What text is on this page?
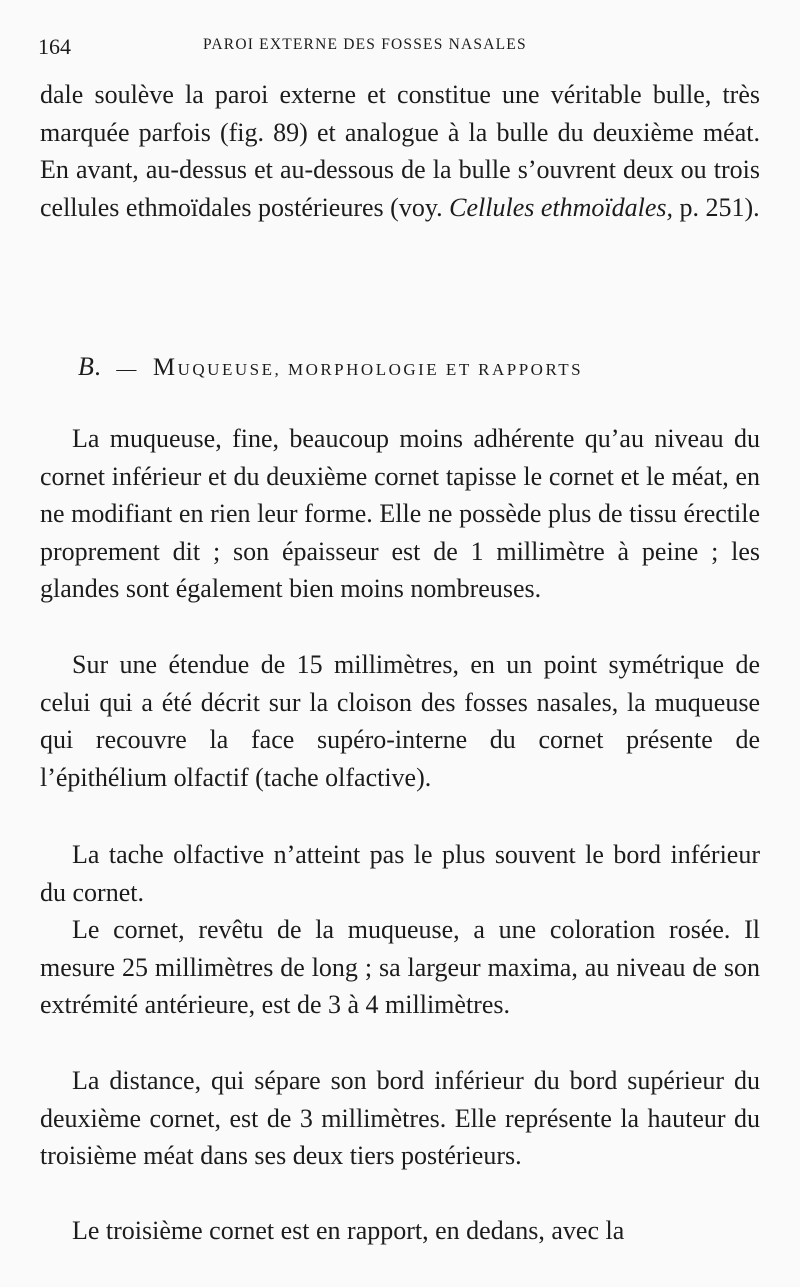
164	PAROI EXTERNE DES FOSSES NASALES

dale soulève la paroi externe et constitue une véritable bulle, très marquée parfois (fig. 89) et analogue à la bulle du deuxième méat. En avant, au-dessus et au-dessous de la bulle s’ouvrent deux ou trois cellules ethmoïdales postérieures (voy. Cellules ethmoïdales, p. 251).

B. — MUQUEUSE, MORPHOLOGIE ET RAPPORTS

La muqueuse, fine, beaucoup moins adhérente qu’au niveau du cornet inférieur et du deuxième cornet tapisse le cornet et le méat, en ne modifiant en rien leur forme. Elle ne possède plus de tissu érectile proprement dit ; son épaisseur est de 1 millimètre à peine ; les glandes sont également bien moins nombreuses.

Sur une étendue de 15 millimètres, en un point symétrique de celui qui a été décrit sur la cloison des fosses nasales, la muqueuse qui recouvre la face supéro-interne du cornet présente de l’épithélium olfactif (tache olfactive).

La tache olfactive n’atteint pas le plus souvent le bord inférieur du cornet.

Le cornet, revêtu de la muqueuse, a une coloration rosée. Il mesure 25 millimètres de long ; sa largeur maxima, au niveau de son extrémité antérieure, est de 3 à 4 millimètres.

La distance, qui sépare son bord inférieur du bord supérieur du deuxième cornet, est de 3 millimètres. Elle représente la hauteur du troisième méat dans ses deux tiers postérieurs.

Le troisième cornet est en rapport, en dedans, avec la
